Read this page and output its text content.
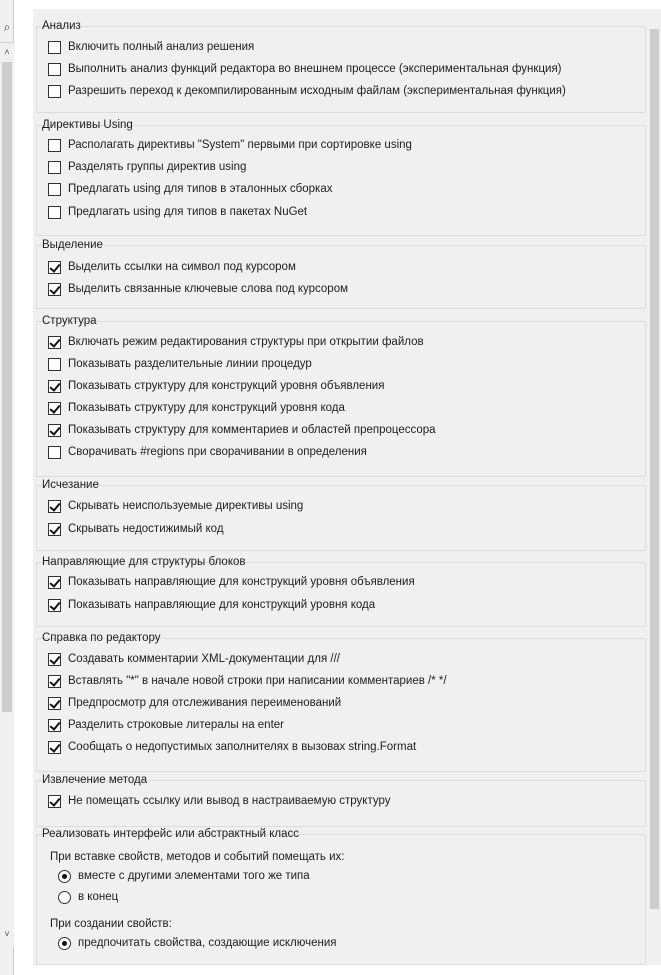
⌕
˄
˅
Анализ
Включить полный анализ решения
Выполнить анализ функций редактора во внешнем процессе (экспериментальная функция)
Разрешить переход к декомпилированным исходным файлам (экспериментальная функция)
Директивы Using
Располагать директивы "System" первыми при сортировке using
Разделять группы директив using
Предлагать using для типов в эталонных сборках
Предлагать using для типов в пакетах NuGet
Выделение
Выделить ссылки на символ под курсором
Выделить связанные ключевые слова под курсором
Структура
Включать режим редактирования структуры при открытии файлов
Показывать разделительные линии процедур
Показывать структуру для конструкций уровня объявления
Показывать структуру для конструкций уровня кода
Показывать структуру для комментариев и областей препроцессора
Сворачивать #regions при сворачивании в определения
Исчезание
Скрывать неиспользуемые директивы using
Скрывать недостижимый код
Направляющие для структуры блоков
Показывать направляющие для конструкций уровня объявления
Показывать направляющие для конструкций уровня кода
Справка по редактору
Создавать комментарии XML-документации для ///
Вставлять "*" в начале новой строки при написании комментариев /* */
Предпросмотр для отслеживания переименований
Разделить строковые литералы на enter
Сообщать о недопустимых заполнителях в вызовах string.Format
Извлечение метода
Не помещать ссылку или вывод в настраиваемую структуру
Реализовать интерфейс или абстрактный класс
При вставке свойств, методов и событий помещать их:
вместе с другими элементами того же типа
в конец
При создании свойств:
предпочитать свойства, создающие исключения
